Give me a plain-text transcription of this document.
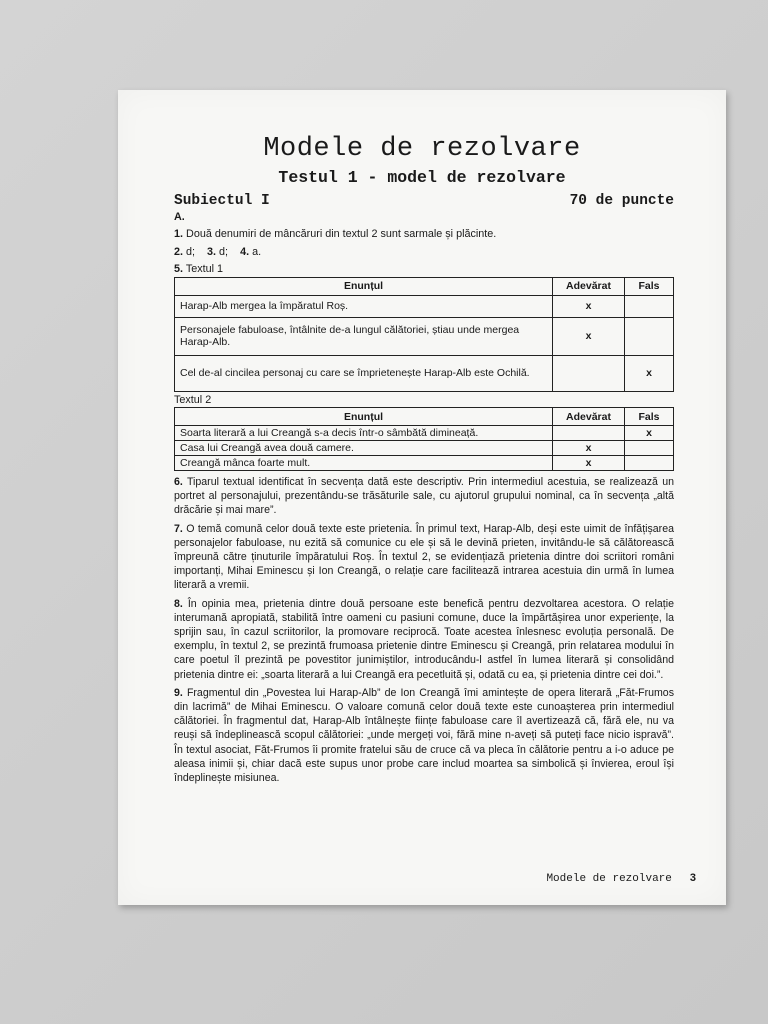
Modele de rezolvare
Testul 1 - model de rezolvare
Subiectul I	70 de puncte
A.
1. Două denumiri de mâncăruri din textul 2 sunt sarmale și plăcinte.
2. d; 3. d; 4. a.
5. Textul 1
Enunțul	Adevărat	Fals
Harap-Alb mergea la împăratul Roș.	x	
Personajele fabuloase, întâlnite de-a lungul călătoriei, știau unde mergea Harap-Alb.	x	
Cel de-al cincilea personaj cu care se împrietenește Harap-Alb este Ochilă.		x
Textul 2
Enunțul	Adevărat	Fals
Soarta literară a lui Creangă s-a decis într-o sâmbătă dimineață.		x
Casa lui Creangă avea două camere.	x	
Creangă mânca foarte mult.	x	

6. Tiparul textual identificat în secvența dată este descriptiv. Prin intermediul acestuia, se realizează un portret al personajului, prezentându-se trăsăturile sale, cu ajutorul grupului nominal, ca în secvența „altă drăcărie și mai mare”.

7. O temă comună celor două texte este prietenia. În primul text, Harap-Alb, deși este uimit de înfățișarea personajelor fabuloase, nu ezită să comunice cu ele și să le devină prieten, invitându-le să călătorească împreună către ținuturile împăratului Roș. În textul 2, se evidențiază prietenia dintre doi scriitori români importanți, Mihai Eminescu și Ion Creangă, o relație care facilitează intrarea acestuia din urmă în lumea literară a vremii.

8. În opinia mea, prietenia dintre două persoane este benefică pentru dezvoltarea acestora. O relație interumană apropiată, stabilită între oameni cu pasiuni comune, duce la împărtășirea unor experiențe, la sprijin sau, în cazul scriitorilor, la promovare reciprocă. Toate acestea înlesnesc evoluția personală. De exemplu, în textul 2, se prezintă frumoasa prietenie dintre Eminescu și Creangă, prin relatarea modului în care poetul îl prezintă pe povestitor junimiștilor, introducându-l astfel în lumea literară și consolidând prietenia dintre ei: „soarta literară a lui Creangă era pecetluită și, odată cu ea, și prietenia dintre cei doi.”.

9. Fragmentul din „Povestea lui Harap-Alb” de Ion Creangă îmi amintește de opera literară „Făt-Frumos din lacrimă” de Mihai Eminescu. O valoare comună celor două texte este cunoașterea prin intermediul călătoriei. În fragmentul dat, Harap-Alb întâlnește ființe fabuloase care îl avertizează că, fără ele, nu va reuși să îndeplinească scopul călătoriei: „unde mergeți voi, fără mine n-aveți să puteți face nicio ispravă”. În textul asociat, Făt-Frumos îi promite fratelui său de cruce că va pleca în călătorie pentru a i-o aduce pe aleasa inimii și, chiar dacă este supus unor probe care includ moartea sa simbolică și învierea, eroul își îndeplinește misiunea.

Modele de rezolvare 3
